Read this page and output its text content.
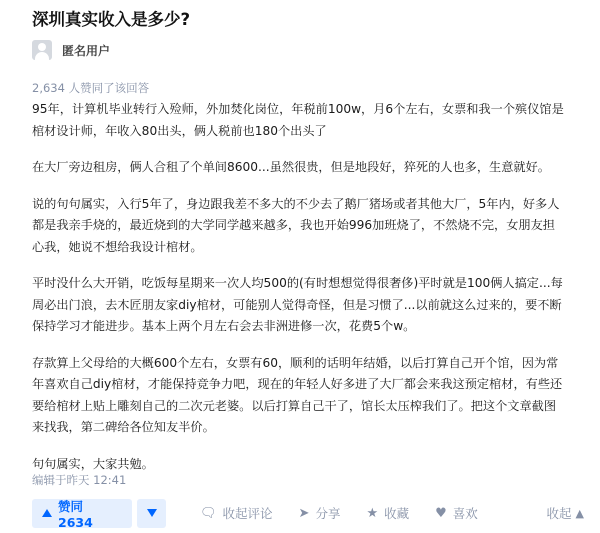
深圳真实收入是多少?
匿名用户
2,634 人赞同了该回答

95年，计算机毕业转行入殓师，外加焚化岗位，年税前100w，月6个左右，女票和我一个殡仪馆是
棺材设计师，年收入80出头，俩人税前也180个出头了

在大厂旁边租房，俩人合租了个单间8600...虽然很贵，但是地段好，猝死的人也多，生意就好。

说的句句属实，入行5年了，身边跟我差不多大的不少去了鹅厂猪场或者其他大厂，5年内，好多人
都是我亲手烧的，最近烧到的大学同学越来越多，我也开始996加班烧了，不然烧不完，女朋友担
心我，她说不想给我设计棺材。

平时没什么大开销，吃饭每星期来一次人均500的(有时想想觉得很奢侈)平时就是100俩人搞定...每
周必出门浪，去木匠朋友家diy棺材，可能别人觉得奇怪，但是习惯了...以前就这么过来的，要不断
保持学习才能进步。基本上两个月左右会去非洲进修一次，花费5个w。

存款算上父母给的大概600个左右，女票有60，顺利的话明年结婚，以后打算自己开个馆，因为常
年喜欢自己diy棺材，才能保持竞争力吧，现在的年轻人好多进了大厂都会来我这预定棺材，有些还
要给棺材上贴上雕刻自己的二次元老婆。以后打算自己干了，馆长太压榨我们了。把这个文章截图
来找我，第二碑给各位知友半价。

句句属实，大家共勉。

编辑于昨天 12:41
赞同 2634
🗨︎ 收起评论 ➤ 分享 ★ 收藏 ♥ 喜欢	收起 ▲
